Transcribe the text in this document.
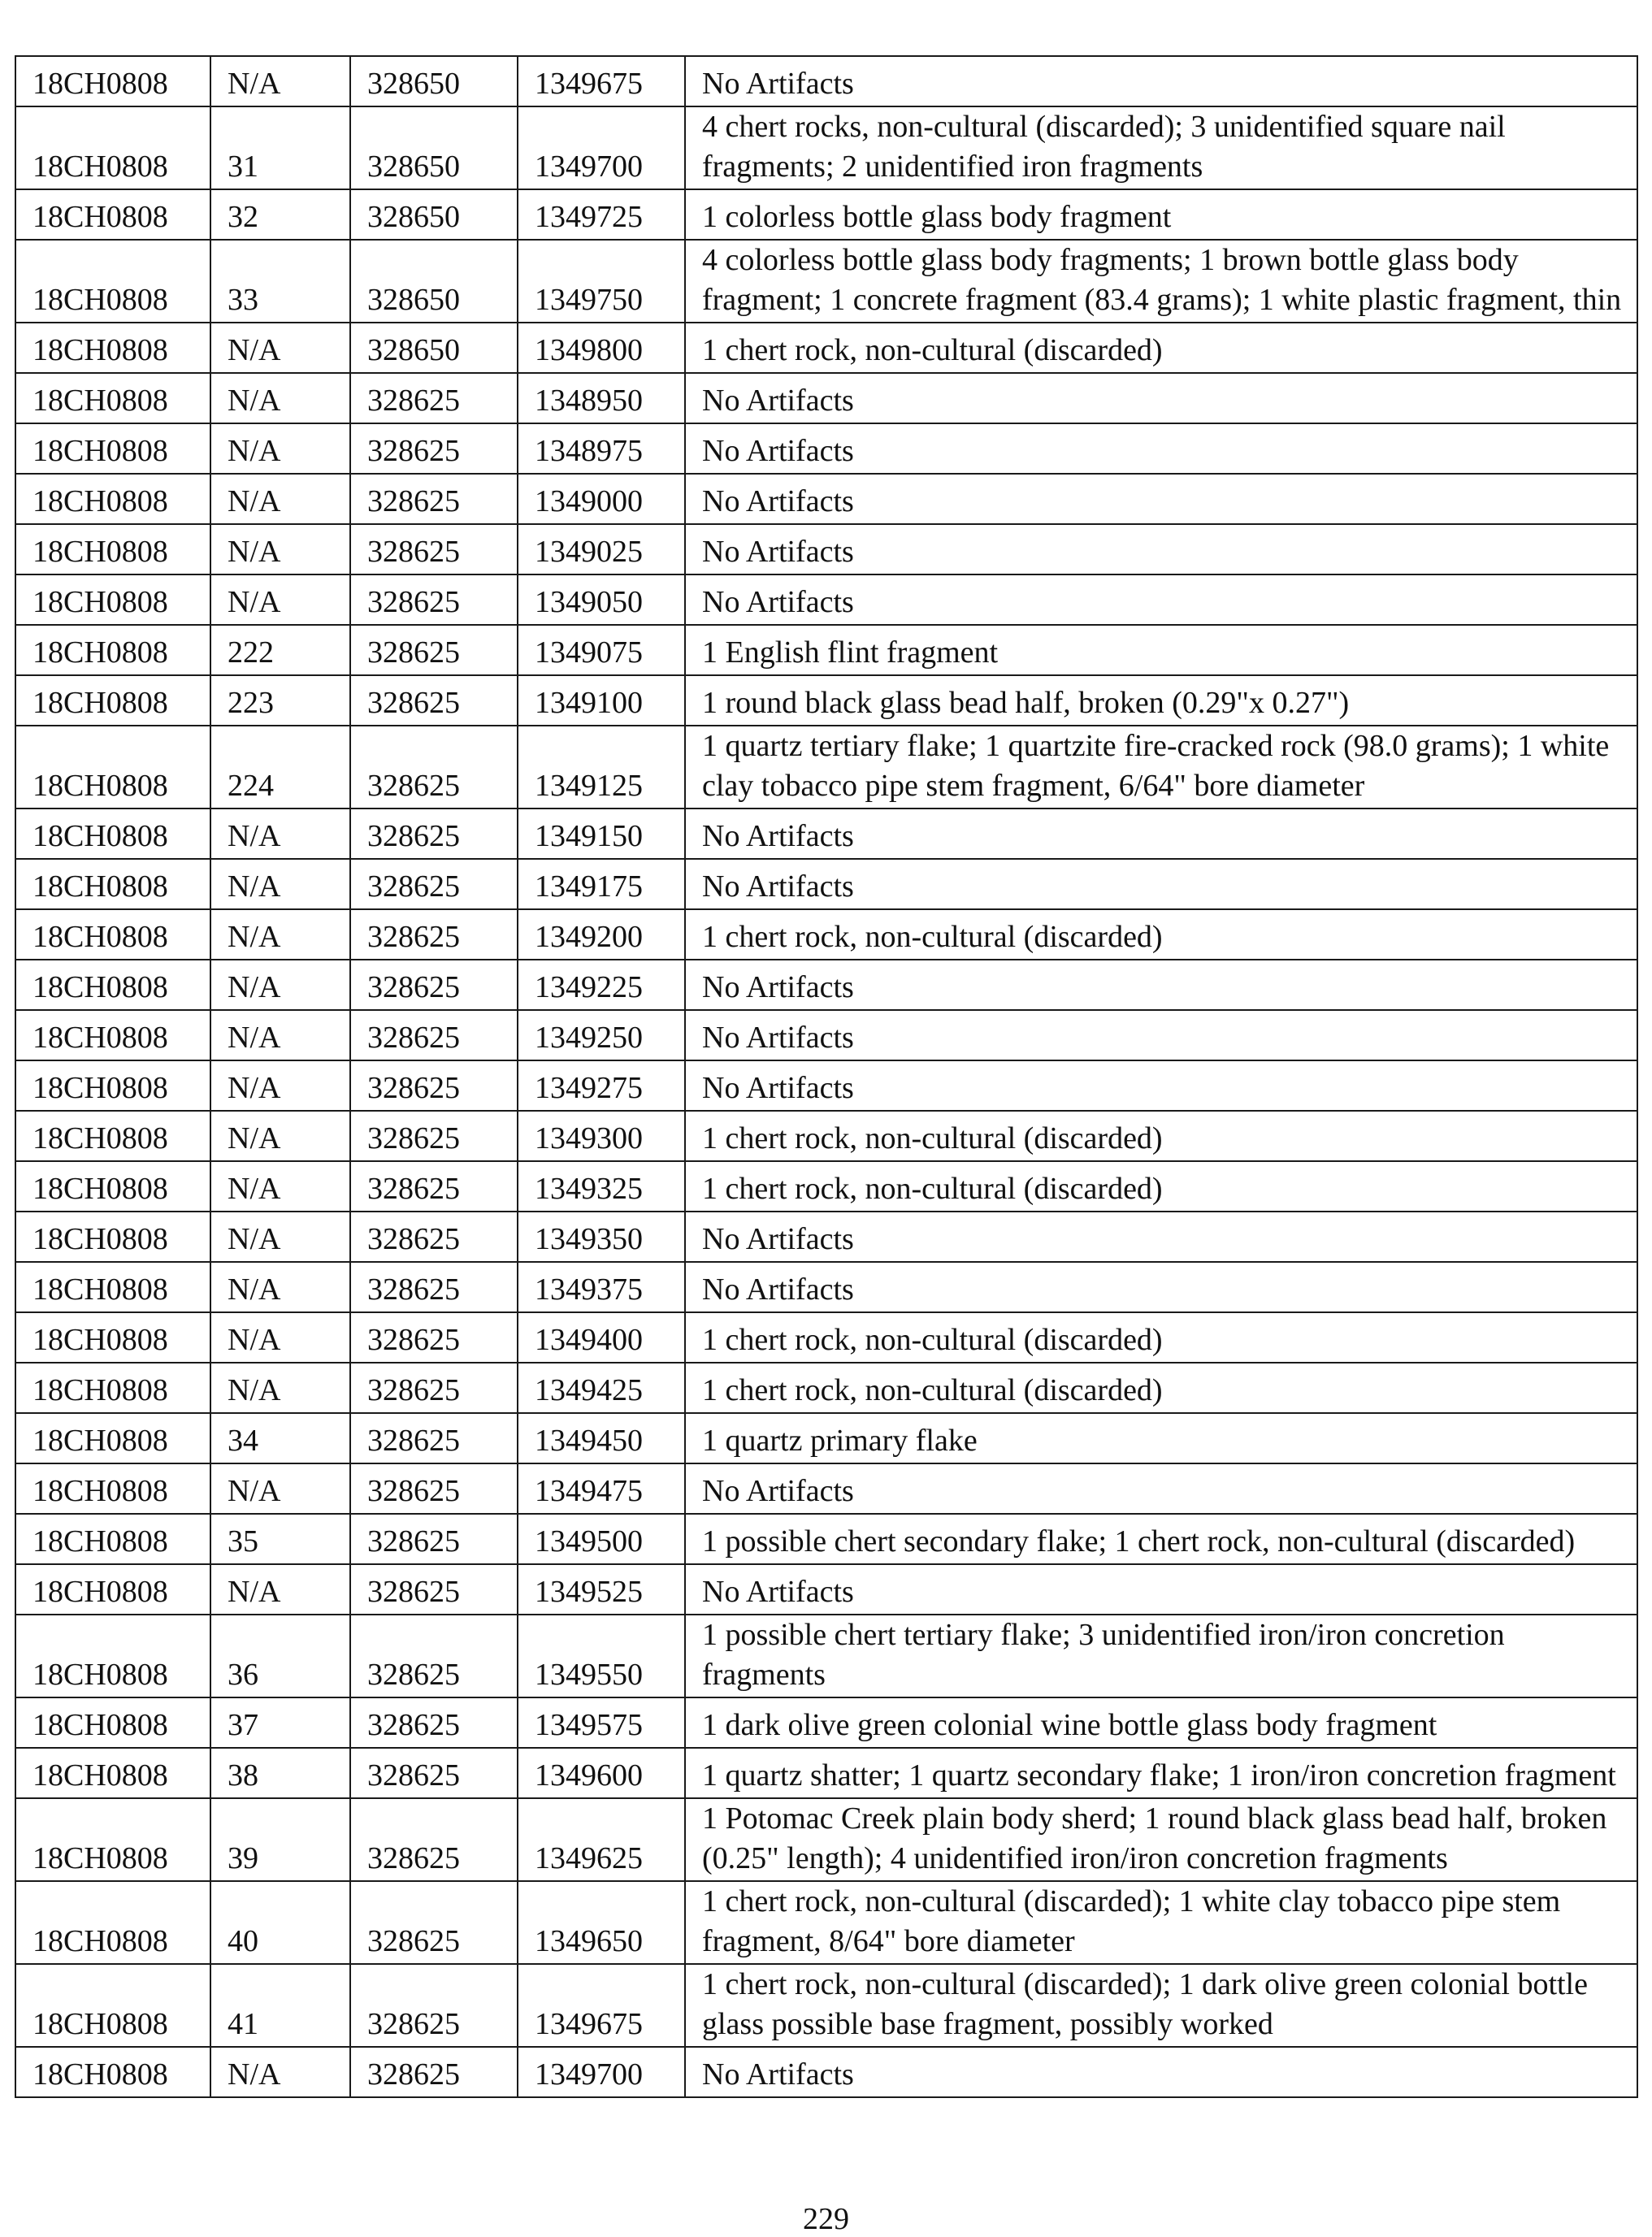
18CH0808	N/A	328650	1349675	No Artifacts
18CH0808	31	328650	1349700	4 chert rocks, non-cultural (discarded); 3 unidentified square nail fragments; 2 unidentified iron fragments
18CH0808	32	328650	1349725	1 colorless bottle glass body fragment
18CH0808	33	328650	1349750	4 colorless bottle glass body fragments; 1 brown bottle glass body fragment; 1 concrete fragment (83.4 grams); 1 white plastic fragment, thin
18CH0808	N/A	328650	1349800	1 chert rock, non-cultural (discarded)
18CH0808	N/A	328625	1348950	No Artifacts
18CH0808	N/A	328625	1348975	No Artifacts
18CH0808	N/A	328625	1349000	No Artifacts
18CH0808	N/A	328625	1349025	No Artifacts
18CH0808	N/A	328625	1349050	No Artifacts
18CH0808	222	328625	1349075	1 English flint fragment
18CH0808	223	328625	1349100	1 round black glass bead half, broken (0.29"x 0.27")
18CH0808	224	328625	1349125	1 quartz tertiary flake; 1 quartzite fire-cracked rock (98.0 grams); 1 white clay tobacco pipe stem fragment, 6/64" bore diameter
18CH0808	N/A	328625	1349150	No Artifacts
18CH0808	N/A	328625	1349175	No Artifacts
18CH0808	N/A	328625	1349200	1 chert rock, non-cultural (discarded)
18CH0808	N/A	328625	1349225	No Artifacts
18CH0808	N/A	328625	1349250	No Artifacts
18CH0808	N/A	328625	1349275	No Artifacts
18CH0808	N/A	328625	1349300	1 chert rock, non-cultural (discarded)
18CH0808	N/A	328625	1349325	1 chert rock, non-cultural (discarded)
18CH0808	N/A	328625	1349350	No Artifacts
18CH0808	N/A	328625	1349375	No Artifacts
18CH0808	N/A	328625	1349400	1 chert rock, non-cultural (discarded)
18CH0808	N/A	328625	1349425	1 chert rock, non-cultural (discarded)
18CH0808	34	328625	1349450	1 quartz primary flake
18CH0808	N/A	328625	1349475	No Artifacts
18CH0808	35	328625	1349500	1 possible chert secondary flake; 1 chert rock, non-cultural (discarded)
18CH0808	N/A	328625	1349525	No Artifacts
18CH0808	36	328625	1349550	1 possible chert tertiary flake; 3 unidentified iron/iron concretion fragments
18CH0808	37	328625	1349575	1 dark olive green colonial wine bottle glass body fragment
18CH0808	38	328625	1349600	1 quartz shatter; 1 quartz secondary flake; 1 iron/iron concretion fragment
18CH0808	39	328625	1349625	1 Potomac Creek plain body sherd; 1 round black glass bead half, broken (0.25" length); 4 unidentified iron/iron concretion fragments
18CH0808	40	328625	1349650	1 chert rock, non-cultural (discarded); 1 white clay tobacco pipe stem fragment, 8/64" bore diameter
18CH0808	41	328625	1349675	1 chert rock, non-cultural (discarded); 1 dark olive green colonial bottle glass possible base fragment, possibly worked
18CH0808	N/A	328625	1349700	No Artifacts
229
